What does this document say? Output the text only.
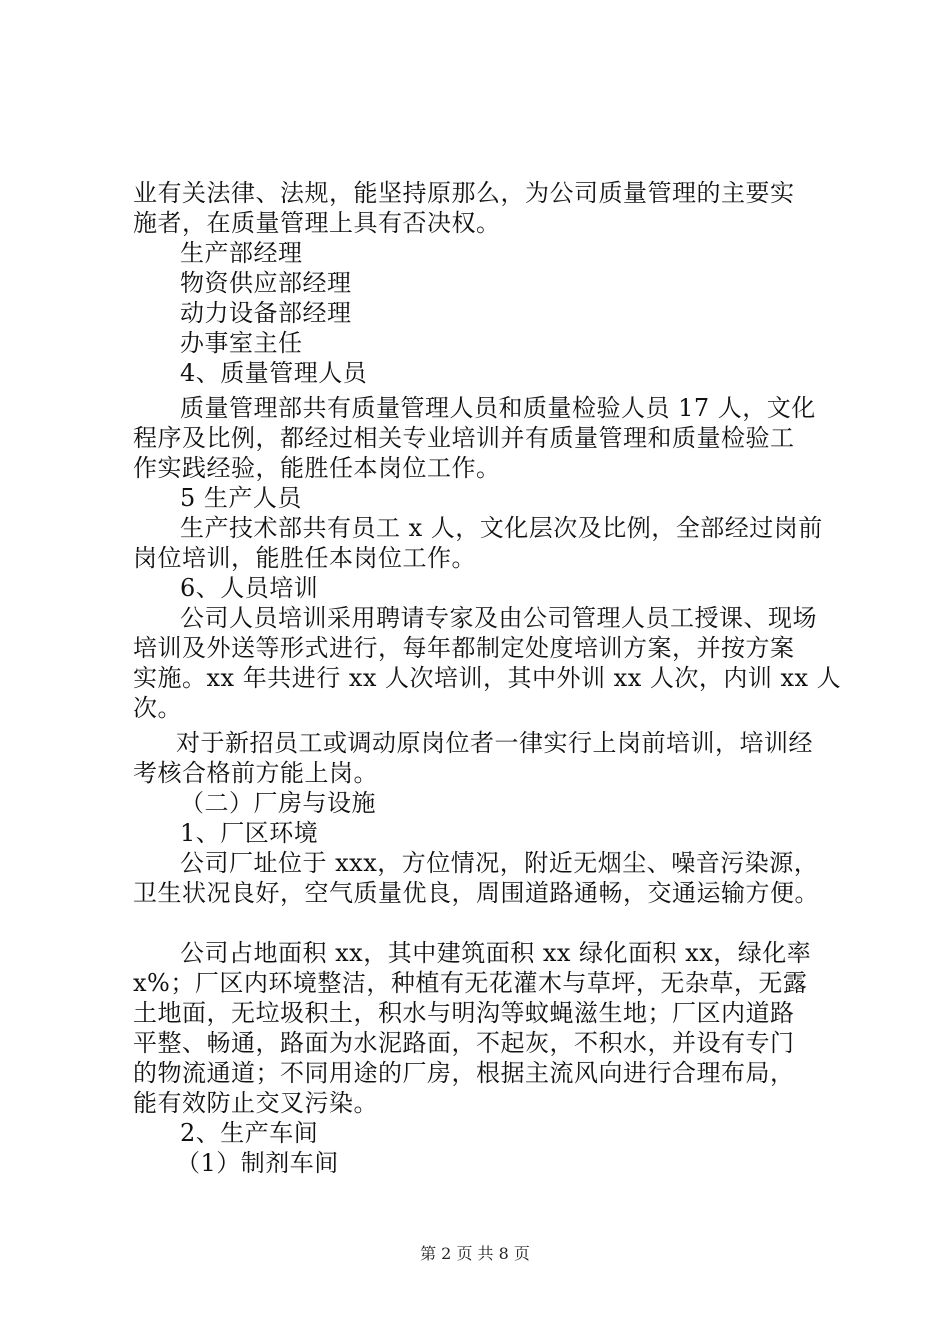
业有关法律、法规，能坚持原那么，为公司质量管理的主要实
施者，在质量管理上具有否决权。
生产部经理
物资供应部经理
动力设备部经理
办事室主任
4、质量管理人员
质量管理部共有质量管理人员和质量检验人员 17 人，文化
程序及比例，都经过相关专业培训并有质量管理和质量检验工
作实践经验，能胜任本岗位工作。
5 生产人员
生产技术部共有员工 x 人，文化层次及比例，全部经过岗前
岗位培训，能胜任本岗位工作。
6、人员培训
公司人员培训采用聘请专家及由公司管理人员工授课、现场
培训及外送等形式进行，每年都制定处度培训方案，并按方案
实施。xx 年共进行 xx 人次培训，其中外训 xx 人次，内训 xx 人
次。
对于新招员工或调动原岗位者一律实行上岗前培训，培训经
考核合格前方能上岗。
（二）厂房与设施
1、厂区环境
公司厂址位于 xxx，方位情况，附近无烟尘、噪音污染源，
卫生状况良好，空气质量优良，周围道路通畅，交通运输方便。
公司占地面积 xx，其中建筑面积 xx 绿化面积 xx，绿化率
x%；厂区内环境整洁，种植有无花灌木与草坪，无杂草，无露
土地面，无垃圾积土，积水与明沟等蚊蝇滋生地；厂区内道路
平整、畅通，路面为水泥路面，不起灰，不积水，并设有专门
的物流通道；不同用途的厂房，根据主流风向进行合理布局，
能有效防止交叉污染。
2、生产车间
（1）制剂车间
第 2 页 共 8 页
